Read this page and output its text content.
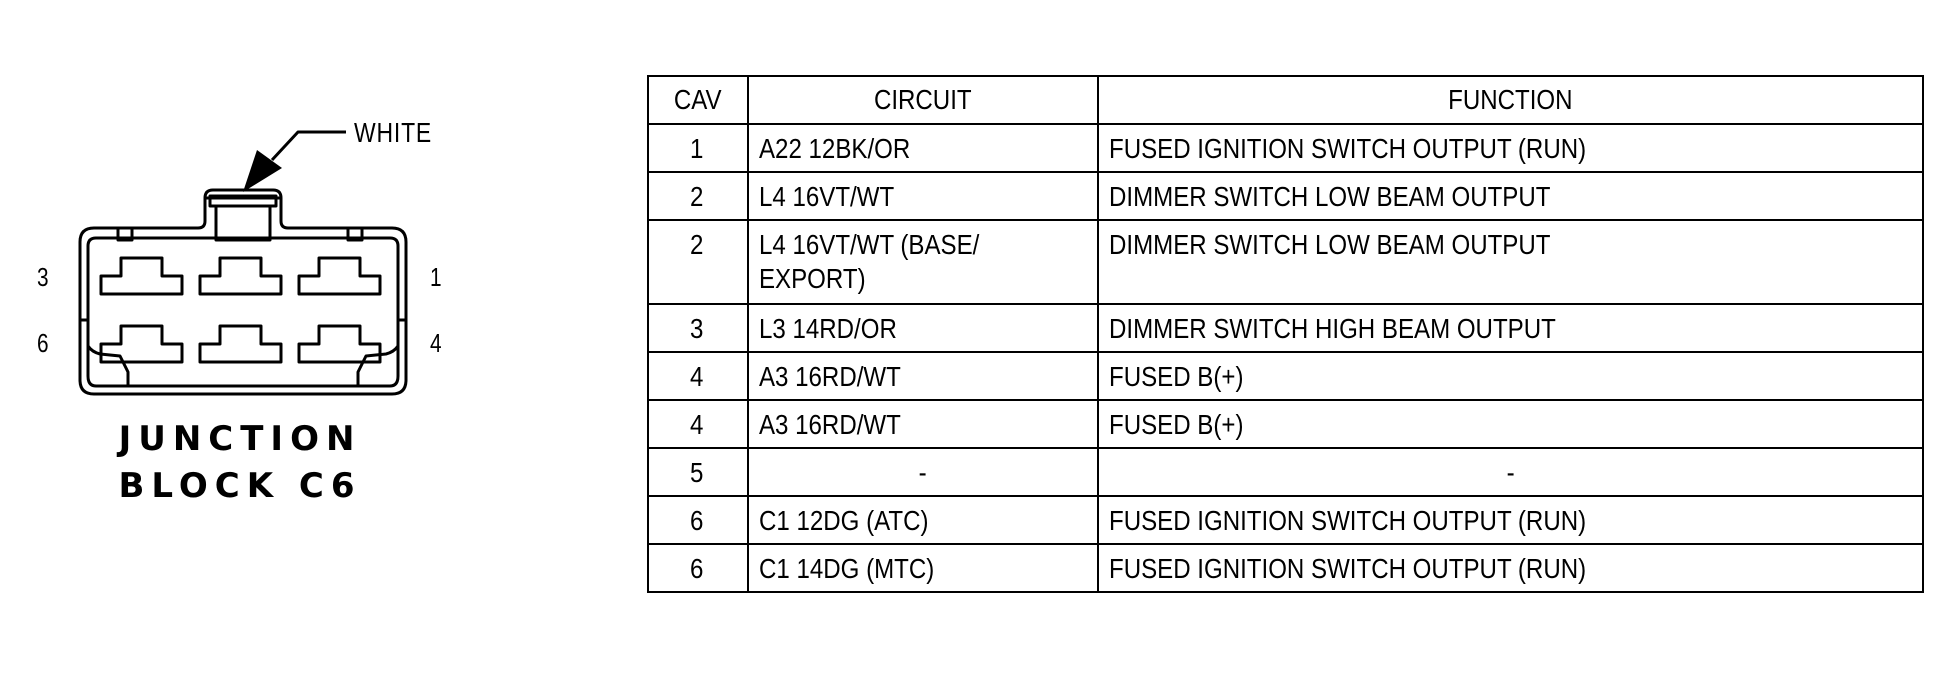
3	1
6	4
WHITE
JUNCTION
BLOCK C6
CAV	CIRCUIT	FUNCTION
1	A22 12BK/OR	FUSED IGNITION SWITCH OUTPUT (RUN)
2	L4 16VT/WT	DIMMER SWITCH LOW BEAM OUTPUT
2	L4 16VT/WT (BASE/ EXPORT)	DIMMER SWITCH LOW BEAM OUTPUT
3	L3 14RD/OR	DIMMER SWITCH HIGH BEAM OUTPUT
4	A3 16RD/WT	FUSED B(+)
4	A3 16RD/WT	FUSED B(+)
5	-	-
6	C1 12DG (ATC)	FUSED IGNITION SWITCH OUTPUT (RUN)
6	C1 14DG (MTC)	FUSED IGNITION SWITCH OUTPUT (RUN)
